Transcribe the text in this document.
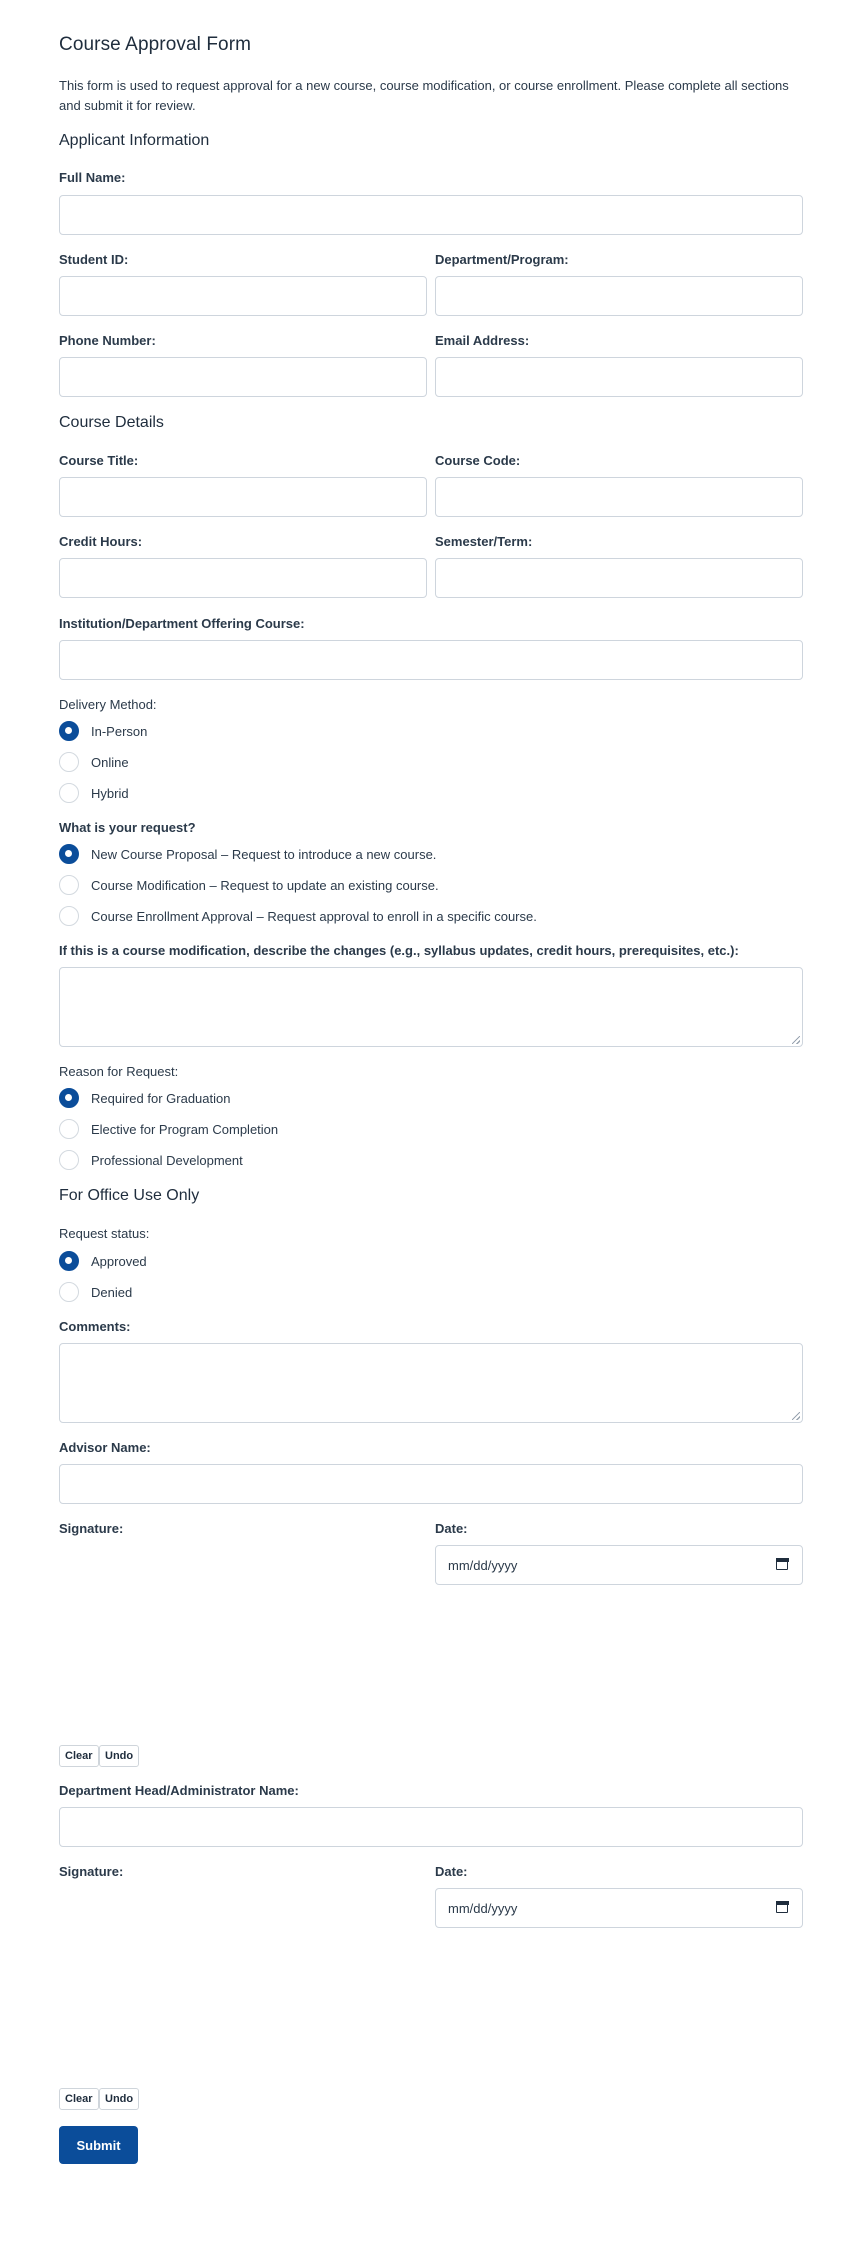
Course Approval Form
This form is used to request approval for a new course, course modification, or course enrollment. Please complete all sections and submit it for review.
Applicant Information
Full Name:
Student ID:	Department/Program:
Phone Number:	Email Address:
Course Details
Course Title:	Course Code:
Credit Hours:	Semester/Term:
Institution/Department Offering Course:
Delivery Method:
In-Person
Online
Hybrid
What is your request?
New Course Proposal – Request to introduce a new course.
Course Modification – Request to update an existing course.
Course Enrollment Approval – Request approval to enroll in a specific course.
If this is a course modification, describe the changes (e.g., syllabus updates, credit hours, prerequisites, etc.):
Reason for Request:
Required for Graduation
Elective for Program Completion
Professional Development
For Office Use Only
Request status:
Approved
Denied
Comments:
Advisor Name:
Signature:	Date:
mm/dd/yyyy
Clear	Undo
Department Head/Administrator Name:
Signature:	Date:
mm/dd/yyyy
Clear	Undo
Submit
